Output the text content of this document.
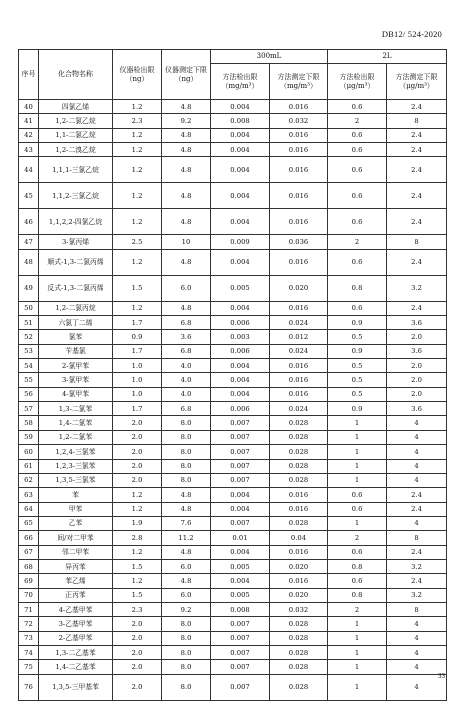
DB12/ 524-2020
序号	化合物名称	仪器检出限（ng）	仪器测定下限（ng）	300mL		2L	
				方法检出限（mg/m³）	方法测定下限（mg/m³）	方法检出限（μg/m³）	方法测定下限（μg/m³）
40	四氯乙烯	1.2	4.8	0.004	0.016	0.6	2.4
41	1,2-二氯乙烷	2.3	9.2	0.008	0.032	2	8
42	1,1-二氯乙烷	1.2	4.8	0.004	0.016	0.6	2.4
43	1,2-二溴乙烷	1.2	4.8	0.004	0.016	0.6	2.4
44	1,1,1-三氯乙烷	1.2	4.8	0.004	0.016	0.6	2.4
45	1,1,2-三氯乙烷	1.2	4.8	0.004	0.016	0.6	2.4
46	1,1,2,2-四氯乙烷	1.2	4.8	0.004	0.016	0.6	2.4
47	3-氯丙烯	2.5	10	0.009	0.036	2	8
48	顺式-1,3-二氯丙烯	1.2	4.8	0.004	0.016	0.6	2.4
49	反式-1,3-二氯丙烯	1.5	6.0	0.005	0.020	0.8	3.2
50	1,2-二氯丙烷	1.2	4.8	0.004	0.016	0.6	2.4
51	六氯丁二烯	1.7	6.8	0.006	0.024	0.9	3.6
52	氯苯	0.9	3.6	0.003	0.012	0.5	2.0
53	苄基氯	1.7	6.8	0.006	0.024	0.9	3.6
54	2-氯甲苯	1.0	4.0	0.004	0.016	0.5	2.0
55	3-氯甲苯	1.0	4.0	0.004	0.016	0.5	2.0
56	4-氯甲苯	1.0	4.0	0.004	0.016	0.5	2.0
57	1,3-二氯苯	1.7	6.8	0.006	0.024	0.9	3.6
58	1,4-二氯苯	2.0	8.0	0.007	0.028	1	4
59	1,2-二氯苯	2.0	8.0	0.007	0.028	1	4
60	1,2,4-三氯苯	2.0	8.0	0.007	0.028	1	4
61	1,2,3-三氯苯	2.0	8.0	0.007	0.028	1	4
62	1,3,5-三氯苯	2.0	8.0	0.007	0.028	1	4
63	苯	1.2	4.8	0.004	0.016	0.6	2.4
64	甲苯	1.2	4.8	0.004	0.016	0.6	2.4
65	乙苯	1.9	7.6	0.007	0.028	1	4
66	间/对二甲苯	2.8	11.2	0.01	0.04	2	8
67	邻二甲苯	1.2	4.8	0.004	0.016	0.6	2.4
68	异丙苯	1.5	6.0	0.005	0.020	0.8	3.2
69	苯乙烯	1.2	4.8	0.004	0.016	0.6	2.4
70	正丙苯	1.5	6.0	0.005	0.020	0.8	3.2
71	4-乙基甲苯	2.3	9.2	0.008	0.032	2	8
72	3-乙基甲苯	2.0	8.0	0.007	0.028	1	4
73	2-乙基甲苯	2.0	8.0	0.007	0.028	1	4
74	1,3-二乙基苯	2.0	8.0	0.007	0.028	1	4
75	1,4-二乙基苯	2.0	8.0	0.007	0.028	1	4
76	1,3,5-三甲基苯	2.0	8.0	0.007	0.028	1	4
33
